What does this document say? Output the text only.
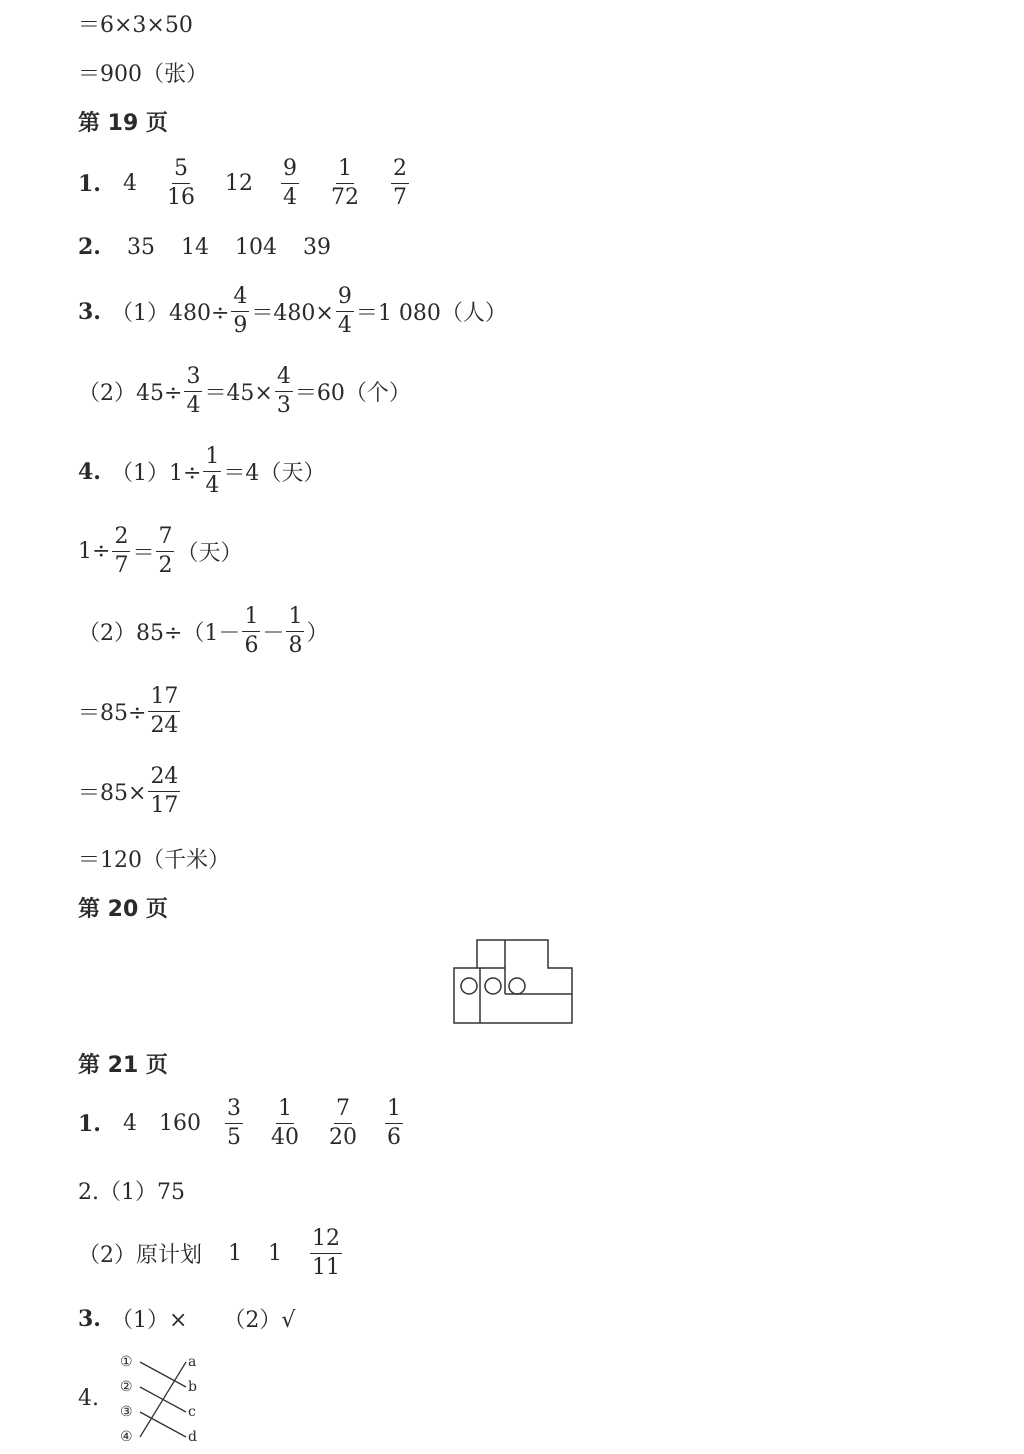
＝6×3×50
＝900（张）
第 19 页
1. $4 \frac{5}{16} 12 \frac{9}{4} \frac{1}{72} \frac{2}{7}$
2. 35 14 104 39
3. $(1)480\div \frac{4}{9} =480\times \frac{9}{4} =1$ 080（人）
$(2)45\div \frac{3}{4} =45\times \frac{4}{3} =60$（个）
4. $(1)1\div \frac{1}{4} =4$（天）
$1\div \frac{2}{7} = \frac{7}{2}$ （天）
$(2)85\div(1- \frac{1}{6} - \frac{1}{8}$ ）
$=85\div \frac{17}{24}$
$=85\times \frac{24}{17}$
＝120（千米）
第 20 页
第 21 页
1. 4 $160 \frac{3}{5} \frac{1}{40} \frac{7}{20} \frac{1}{6}$
2.（1）75
（2）原计划 1 $1 \frac{12}{11}$
3. （1）× （2）√
4.
①
②
③
④
a
b
c
d
